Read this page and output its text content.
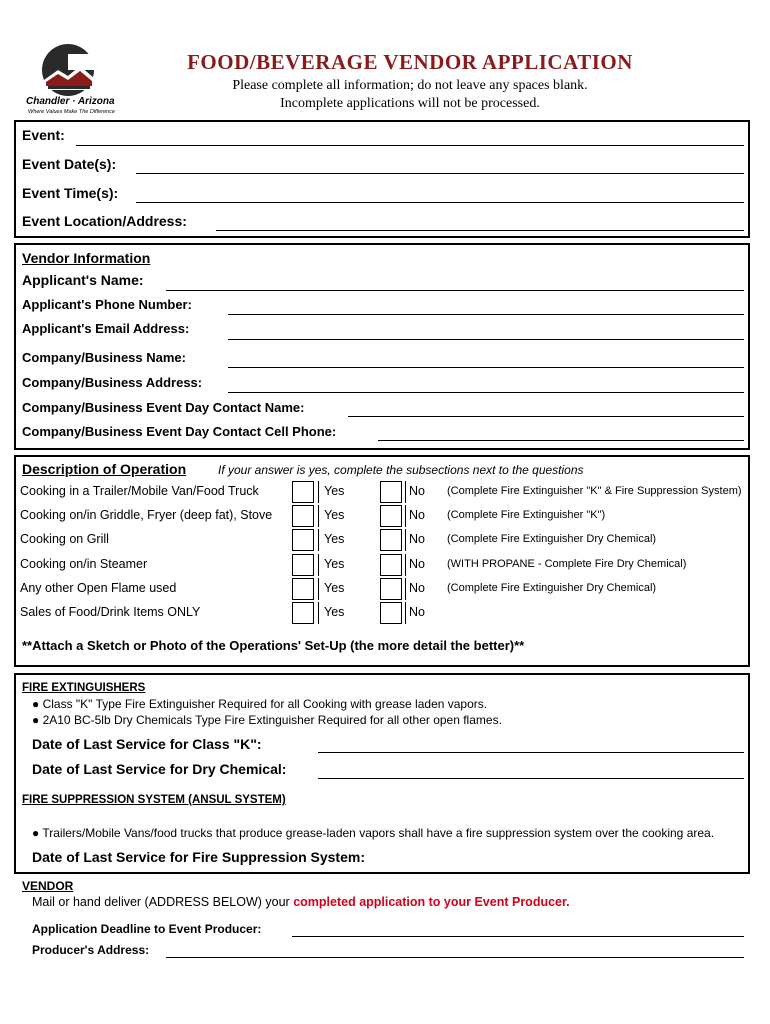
Chandler · Arizona
Where Values Make The Difference
FOOD/BEVERAGE VENDOR APPLICATION
Please complete all information; do not leave any spaces blank.
Incomplete applications will not be processed.
Event:
Event Date(s):
Event Time(s):
Event Location/Address:
Vendor Information
Applicant's Name:
Applicant's Phone Number:
Applicant's Email Address:
Company/Business Name:
Company/Business Address:
Company/Business Event Day Contact Name:
Company/Business Event Day Contact Cell Phone:
Description of Operation	If your answer is yes, complete the subsections next to the questions
Cooking in a Trailer/Mobile Van/Food Truck	Yes	No (Complete Fire Extinguisher "K" & Fire Suppression System)
Cooking on/in Griddle, Fryer (deep fat), Stove	Yes	No (Complete Fire Extinguisher "K")
Cooking on Grill	Yes	No (Complete Fire Extinguisher Dry Chemical)
Cooking on/in Steamer	Yes	No (WITH PROPANE - Complete Fire Dry Chemical)
Any other Open Flame used	Yes	No (Complete Fire Extinguisher Dry Chemical)
Sales of Food/Drink Items ONLY	Yes	No
**Attach a Sketch or Photo of the Operations' Set-Up (the more detail the better)**
FIRE EXTINGUISHERS
● Class "K" Type Fire Extinguisher Required for all Cooking with grease laden vapors.
● 2A10 BC-5lb Dry Chemicals Type Fire Extinguisher Required for all other open flames.
Date of Last Service for Class "K":
Date of Last Service for Dry Chemical:
FIRE SUPPRESSION SYSTEM (ANSUL SYSTEM)
● Trailers/Mobile Vans/food trucks that produce grease-laden vapors shall have a fire suppression system over the cooking area.
Date of Last Service for Fire Suppression System:
VENDOR
Mail or hand deliver (ADDRESS BELOW) your completed application to your Event Producer.
Application Deadline to Event Producer:
Producer's Address:
